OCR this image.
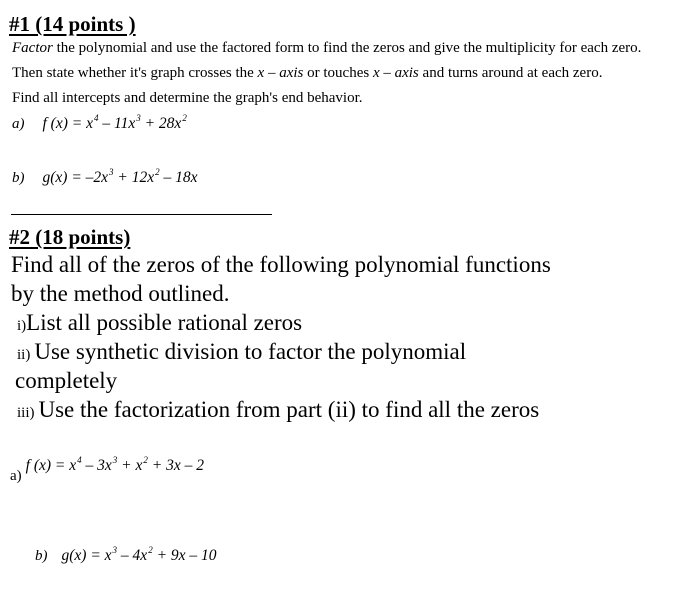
#1 (14 points )
Factor the polynomial and use the factored form to find the zeros and give the multiplicity for each zero.
Then state whether it's graph crosses the x – axis or touches x – axis and turns around at each zero.
Find all intercepts and determine the graph's end behavior.
a) f $(x) = x^4 - 11x^3 + 28x^2$
b) $g(x) = -2x^3 + 12x^2 - 18x$
#2 (18 points)
Find all of the zeros of the following polynomial functions
by the method outlined.
i)List all possible rational zeros
ii) Use synthetic division to factor the polynomial
completely
iii) Use the factorization from part (ii) to find all the zeros
a) f $(x) = x^4 - 3x^3 + x^2 + 3x - 2$
b) $g(x) = x^3 - 4x^2 + 9x - 10$
